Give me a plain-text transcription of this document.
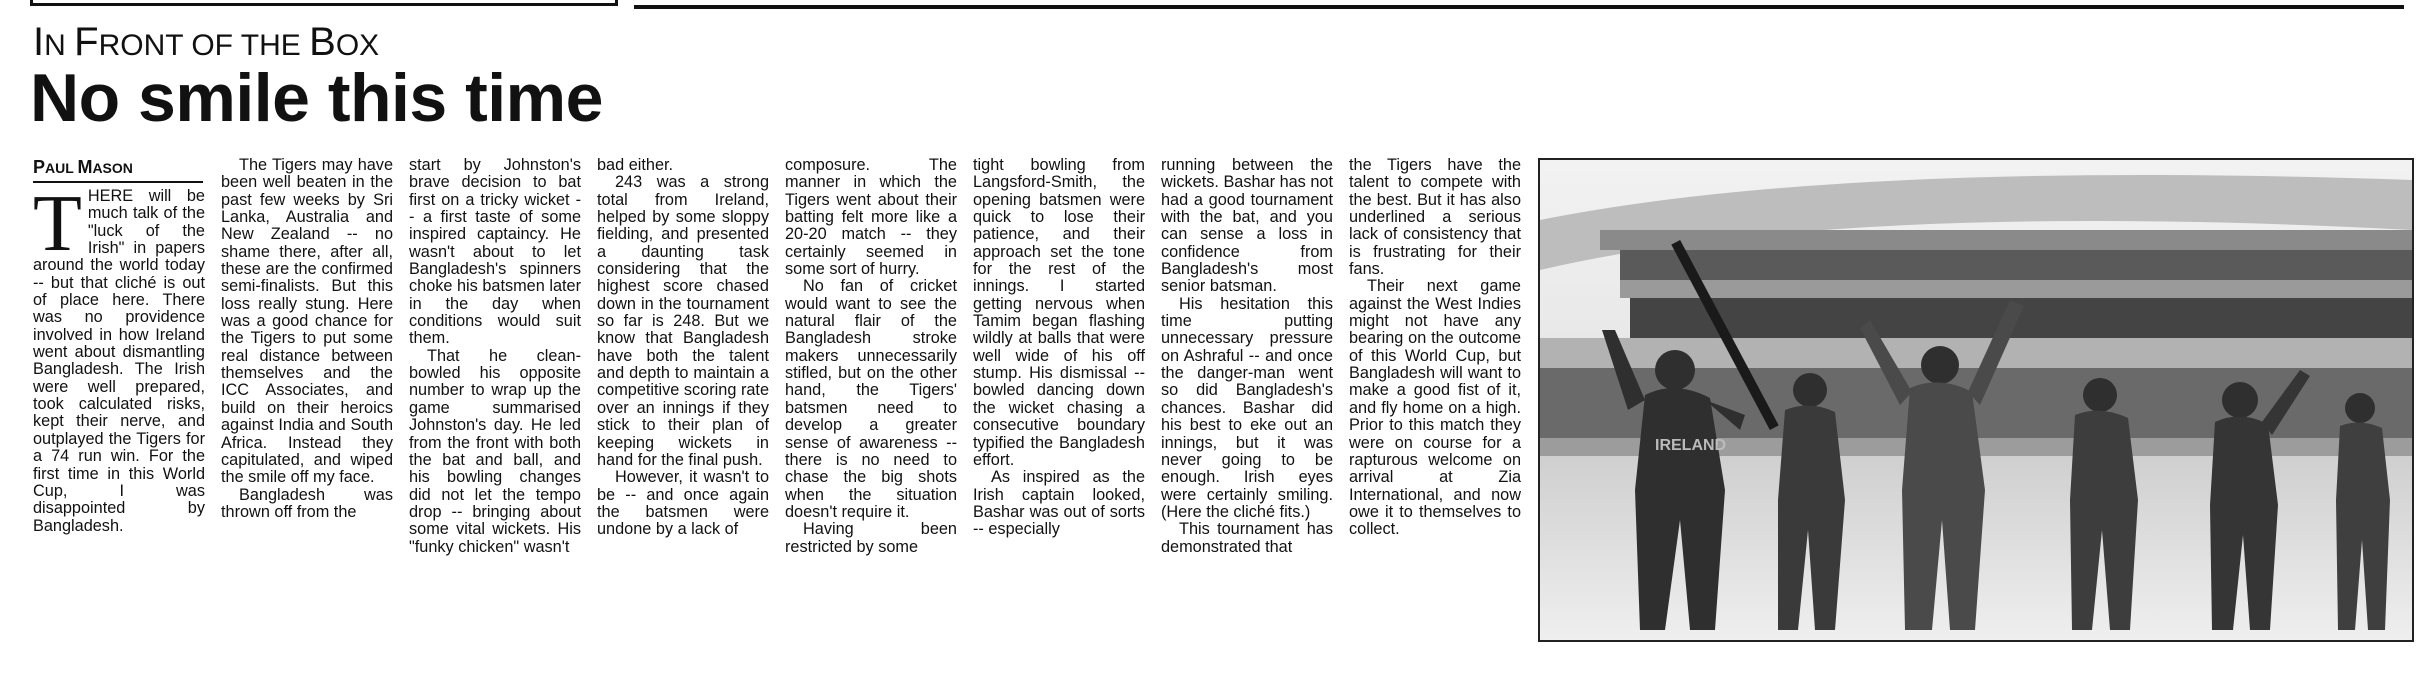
IN FRONT OF THE BOX
No smile this time
PAUL MASON

THERE will be much talk of the "luck of the Irish" in papers around the world today -- but that cliché is out of place here. There was no providence involved in how Ireland went about dismantling Bangladesh. The Irish were well prepared, took calculated risks, kept their nerve, and outplayed the Tigers for a 74 run win. For the first time in this World Cup, I was disappointed by Bangladesh.

The Tigers may have been well beaten in the past few weeks by Sri Lanka, Australia and New Zealand -- no shame there, after all, these are the confirmed semi-finalists. But this loss really stung. Here was a good chance for the Tigers to put some real distance between themselves and the ICC Associates, and build on their heroics against India and South Africa. Instead they capitulated, and wiped the smile off my face.

Bangladesh was thrown off from the

start by Johnston's brave decision to bat first on a tricky wicket - - a first taste of some inspired captaincy. He wasn't about to let Bangladesh's spinners choke his batsmen later in the day when conditions would suit them.

That he clean-bowled his opposite number to wrap up the game summarised Johnston's day. He led from the front with both the bat and ball, and his bowling changes did not let the tempo drop -- bringing about some vital wickets. His "funky chicken" wasn't

bad either.

243 was a strong total from Ireland, helped by some sloppy fielding, and presented a daunting task considering that the highest score chased down in the tournament so far is 248. But we know that Bangladesh have both the talent and depth to maintain a competitive scoring rate over an innings if they stick to their plan of keeping wickets in hand for the final push.

However, it wasn't to be -- and once again the batsmen were undone by a lack of

composure. The manner in which the Tigers went about their batting felt more like a 20-20 match -- they certainly seemed in some sort of hurry.

No fan of cricket would want to see the natural flair of the Bangladesh stroke makers unnecessarily stifled, but on the other hand, the Tigers' batsmen need to develop a greater sense of awareness -- there is no need to chase the big shots when the situation doesn't require it.

Having been restricted by some

tight bowling from Langsford-Smith, the opening batsmen were quick to lose their patience, and their approach set the tone for the rest of the innings. I started getting nervous when Tamim began flashing wildly at balls that were well wide of his off stump. His dismissal -- bowled dancing down the wicket chasing a consecutive boundary typified the Bangladesh effort.

As inspired as the Irish captain looked, Bashar was out of sorts -- especially

running between the wickets. Bashar has not had a good tournament with the bat, and you can sense a loss in confidence from Bangladesh's most senior batsman.

His hesitation this time putting unnecessary pressure on Ashraful -- and once the danger-man went so did Bangladesh's chances. Bashar did his best to eke out an innings, but it was never going to be enough. Irish eyes were certainly smiling. (Here the cliché fits.)

This tournament has demonstrated that

the Tigers have the talent to compete with the best. But it has also underlined a serious lack of consistency that is frustrating for their fans.

Their next game against the West Indies might not have any bearing on the outcome of this World Cup, but Bangladesh will want to make a good fist of it, and fly home on a high. Prior to this match they were on course for a rapturous welcome on arrival at Zia International, and now owe it to themselves to collect.

IRELAND
